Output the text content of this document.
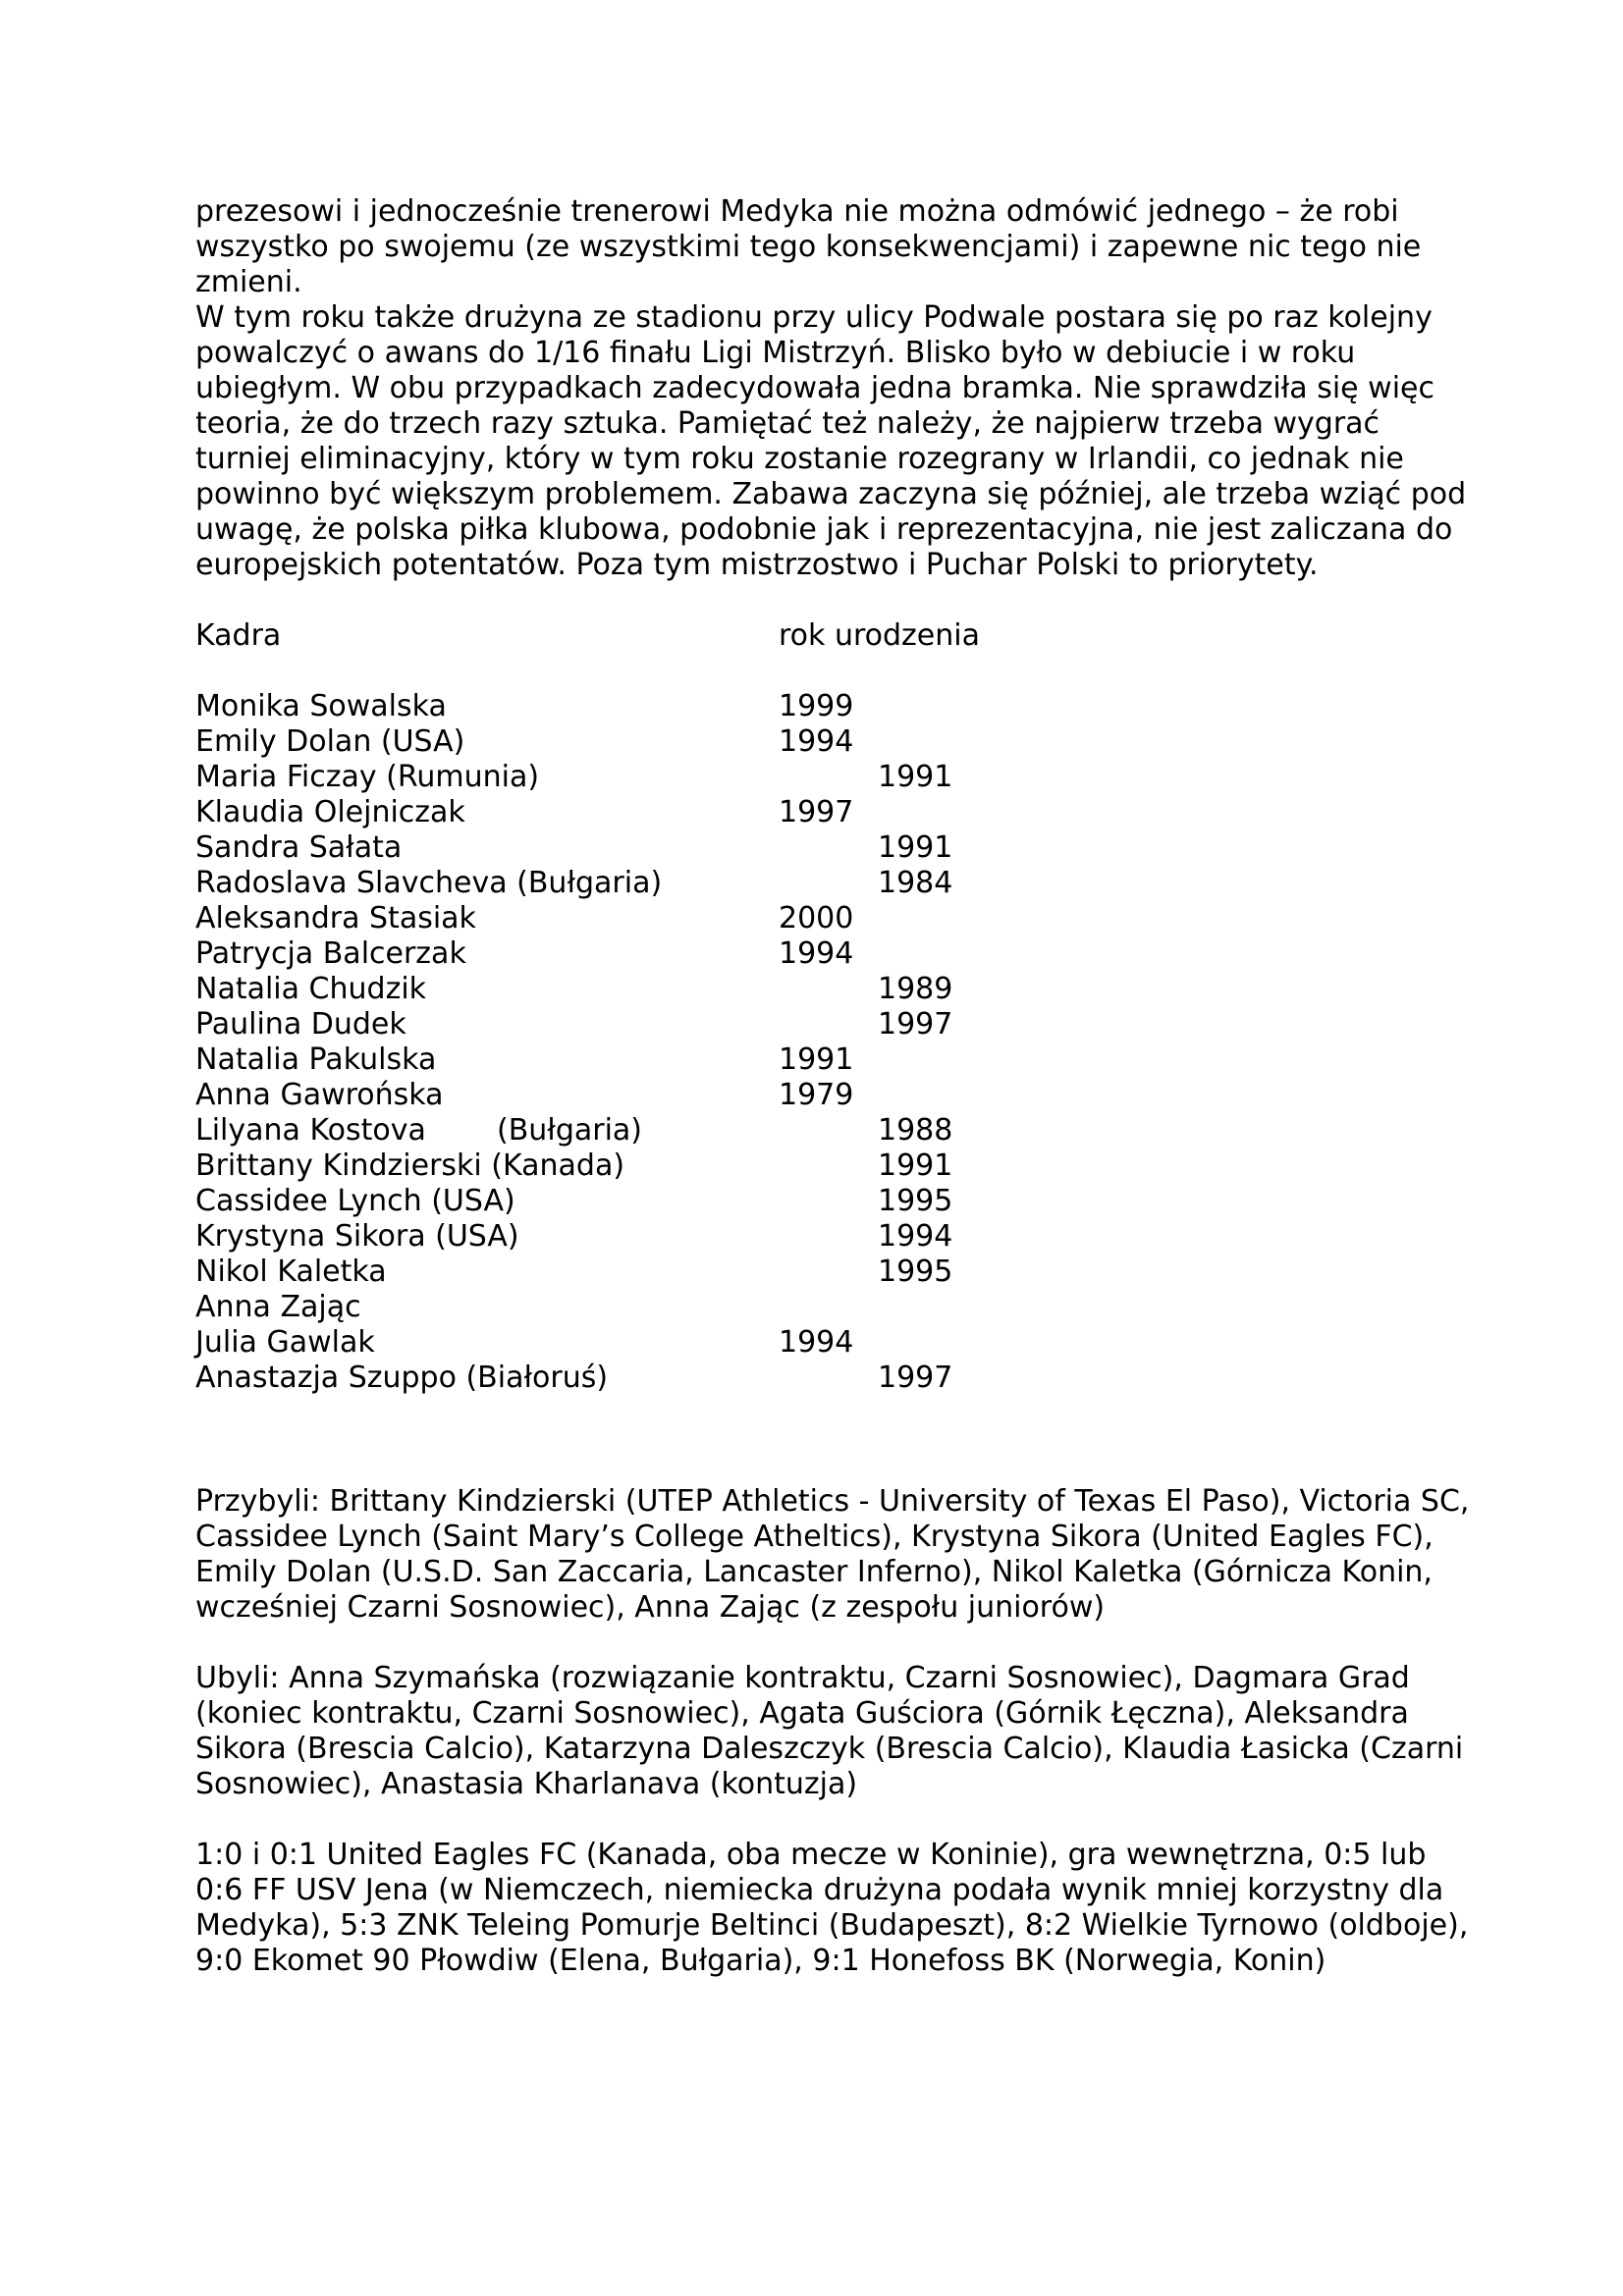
prezesowi i jednocześnie trenerowi Medyka nie można odmówić jednego – że robi wszystko po swojemu (ze wszystkimi tego konsekwencjami) i zapewne nic tego nie zmieni.

W tym roku także drużyna ze stadionu przy ulicy Podwale postara się po raz kolejny powalczyć o awans do 1/16 finału Ligi Mistrzyń. Blisko było w debiucie i w roku ubiegłym. W obu przypadkach zadecydowała jedna bramka. Nie sprawdziła się więc teoria, że do trzech razy sztuka. Pamiętać też należy, że najpierw trzeba wygrać turniej eliminacyjny, który w tym roku zostanie rozegrany w Irlandii, co jednak nie powinno być większym problemem. Zabawa zaczyna się później, ale trzeba wziąć pod uwagę, że polska piłka klubowa, podobnie jak i reprezentacyjna, nie jest zaliczana do europejskich potentatów. Poza tym mistrzostwo i Puchar Polski to priorytety.

Kadra	rok urodzenia
Monika Sowalska	1999
Emily Dolan (USA)	1994
Maria Ficzay (Rumunia)	1991
Klaudia Olejniczak	1997
Sandra Sałata	1991
Radoslava Slavcheva (Bułgaria)	1984
Aleksandra Stasiak	2000
Patrycja Balcerzak	1994
Natalia Chudzik	1989
Paulina Dudek	1997
Natalia Pakulska	1991
Anna Gawrońska	1979
Lilyana Kostova (Bułgaria)	1988
Brittany Kindzierski (Kanada)	1991
Cassidee Lynch (USA)	1995
Krystyna Sikora (USA)	1994
Nikol Kaletka	1995
Anna Zając
Julia Gawlak	1994
Anastazja Szuppo (Białoruś)	1997

Przybyli: Brittany Kindzierski (UTEP Athletics - University of Texas El Paso), Victoria SC, Cassidee Lynch (Saint Mary’s College Atheltics), Krystyna Sikora (United Eagles FC), Emily Dolan (U.S.D. San Zaccaria, Lancaster Inferno), Nikol Kaletka (Górnicza Konin, wcześniej Czarni Sosnowiec), Anna Zając (z zespołu juniorów)

Ubyli: Anna Szymańska (rozwiązanie kontraktu, Czarni Sosnowiec), Dagmara Grad (koniec kontraktu, Czarni Sosnowiec), Agata Guściora (Górnik Łęczna), Aleksandra Sikora (Brescia Calcio), Katarzyna Daleszczyk (Brescia Calcio), Klaudia Łasicka (Czarni Sosnowiec), Anastasia Kharlanava (kontuzja)

1:0 i 0:1 United Eagles FC (Kanada, oba mecze w Koninie), gra wewnętrzna, 0:5 lub 0:6 FF USV Jena (w Niemczech, niemiecka drużyna podała wynik mniej korzystny dla Medyka), 5:3 ZNK Teleing Pomurje Beltinci (Budapeszt), 8:2 Wielkie Tyrnowo (oldboje), 9:0 Ekomet 90 Płowdiw (Elena, Bułgaria), 9:1 Honefoss BK (Norwegia, Konin)
